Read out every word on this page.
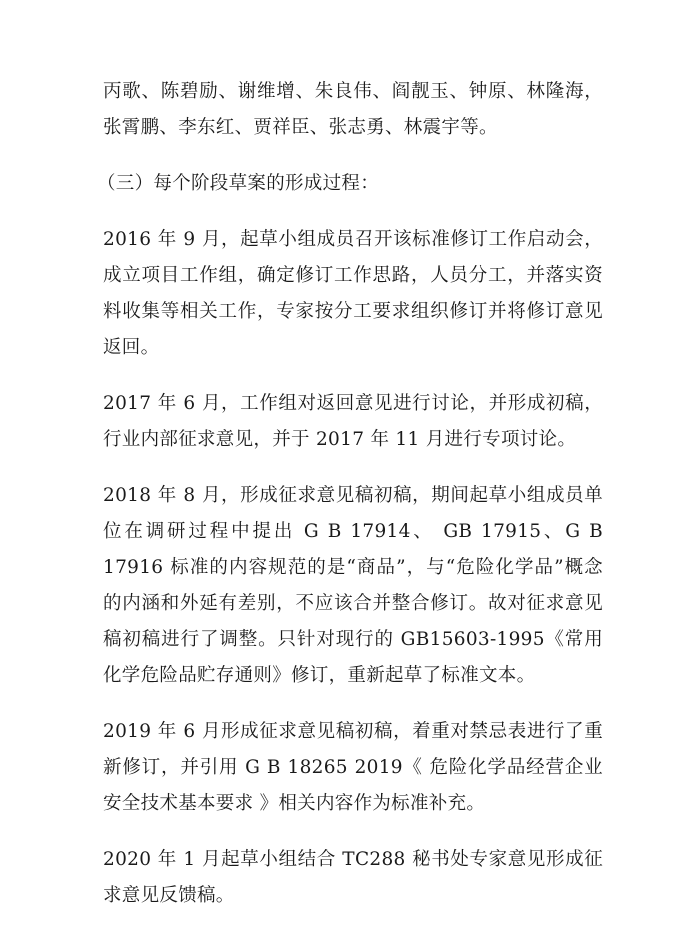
丙歌、陈碧励、谢维增、朱良伟、阎靓玉、钟原、林隆海，张霄鹏、李东红、贾祥臣、张志勇、林震宇等。

（三）每个阶段草案的形成过程：

2016 年 9 月，起草小组成员召开该标准修订工作启动会，成立项目工作组，确定修订工作思路，人员分工，并落实资料收集等相关工作，专家按分工要求组织修订并将修订意见返回。

2017 年 6 月，工作组对返回意见进行讨论，并形成初稿，行业内部征求意见，并于 2017 年 11 月进行专项讨论。

2018 年 8 月，形成征求意见稿初稿，期间起草小组成员单位在调研过程中提出 G B 17914、 GB 17915、G B 17916 标准的内容规范的是“商品”，与“危险化学品”概念的内涵和外延有差别，不应该合并整合修订。故对征求意见稿初稿进行了调整。只针对现行的 GB15603-1995《常用化学危险品贮存通则》修订，重新起草了标准文本。

2019 年 6 月形成征求意见稿初稿，着重对禁忌表进行了重新修订，并引用 G B 18265 2019《 危险化学品经营企业安全技术基本要求 》相关内容作为标准补充。

2020 年 1 月起草小组结合 TC288 秘书处专家意见形成征求意见反馈稿。
